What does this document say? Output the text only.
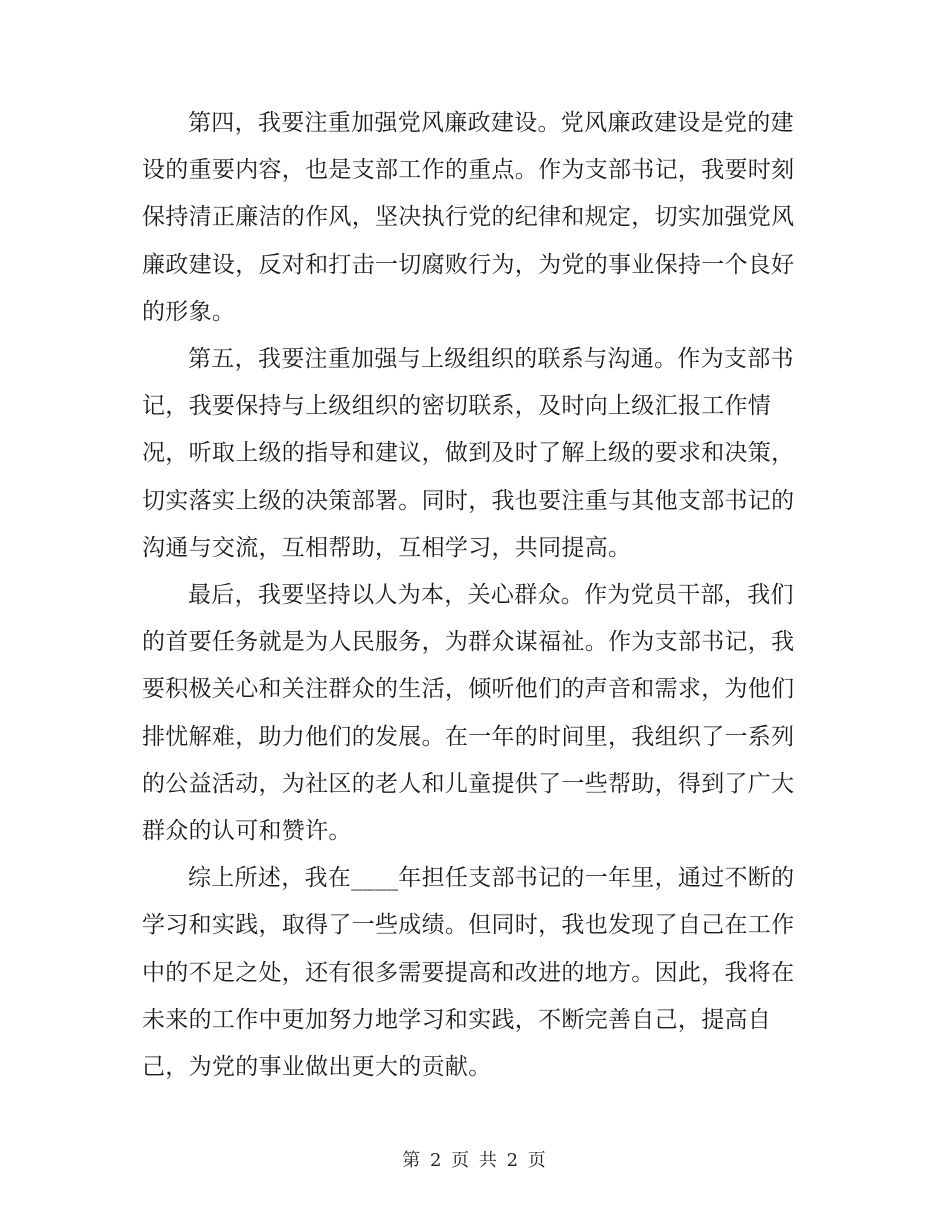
第四，我要注重加强党风廉政建设。党风廉政建设是党的建设的重要内容，也是支部工作的重点。作为支部书记，我要时刻保持清正廉洁的作风，坚决执行党的纪律和规定，切实加强党风廉政建设，反对和打击一切腐败行为，为党的事业保持一个良好的形象。

第五，我要注重加强与上级组织的联系与沟通。作为支部书记，我要保持与上级组织的密切联系，及时向上级汇报工作情况，听取上级的指导和建议，做到及时了解上级的要求和决策，切实落实上级的决策部署。同时，我也要注重与其他支部书记的沟通与交流，互相帮助，互相学习，共同提高。

最后，我要坚持以人为本，关心群众。作为党员干部，我们的首要任务就是为人民服务，为群众谋福祉。作为支部书记，我要积极关心和关注群众的生活，倾听他们的声音和需求，为他们排忧解难，助力他们的发展。在一年的时间里，我组织了一系列的公益活动，为社区的老人和儿童提供了一些帮助，得到了广大群众的认可和赞许。

综上所述，我在____年担任支部书记的一年里，通过不断的学习和实践，取得了一些成绩。但同时，我也发现了自己在工作中的不足之处，还有很多需要提高和改进的地方。因此，我将在未来的工作中更加努力地学习和实践，不断完善自己，提高自己，为党的事业做出更大的贡献。

第 2 页 共 2 页
